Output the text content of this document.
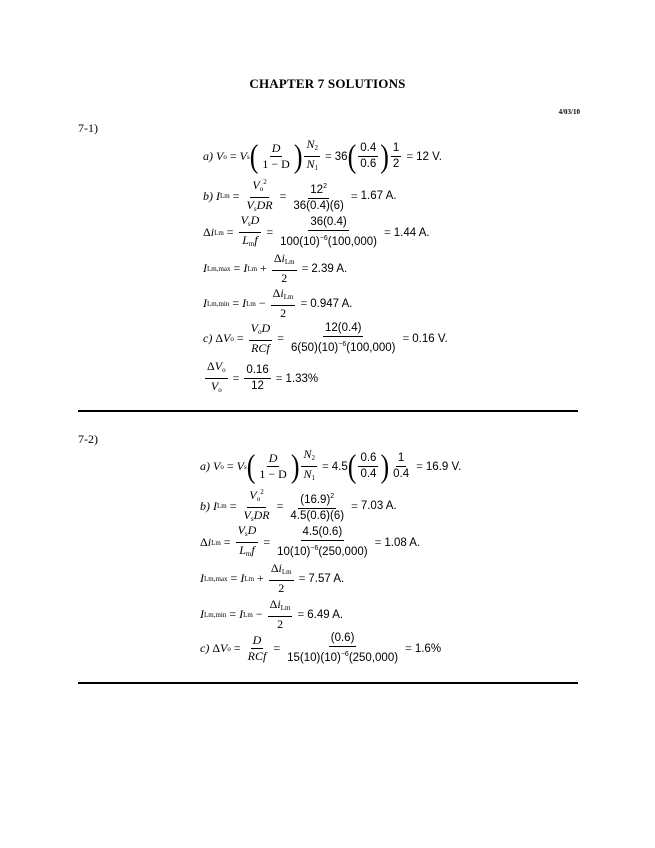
CHAPTER 7 SOLUTIONS
4/03/10
7-1)
a)
V o = V s ( $\frac{D}{1 - D}$ ) $\frac{N_2}{N_1} = 36$ ( $\frac{0.4}{0.6}$ ) $\frac{1}{2} = 12$ V.
b)
I $Lm = \frac{V_o^2}{V_sDR} = \frac{12^2}{36(0.4)(6)} = 1.67$ A.
Δ i $Lm = \frac{V_sD}{L_mf} = \frac{36(0.4)}{100(10)^{-6}(100,000)} = 1.44$ A.
I Lm,max = I $Lm + \frac{\Delta i_{Lm}}{2} = 2.39$ A.
I Lm,min = I $Lm - \frac{\Delta i_{Lm}}{2} = 0.947$ A.
c) Δ V $o = \frac{V_oD}{\text{RCf}} = \frac{12(0.4)}{6(50)(10)^{-6}(100,000)} = 0.16$ V.
$\frac{\Delta V_o}{V_o} = \frac{0.16}{12} = 1.33\%$
7-2)
a)
V o = V s ( $\frac{D}{1 - D}$ ) $\frac{N_2}{N_1} = 4.5$ ( $\frac{0.6}{0.4}$ ) $\frac{1}{0.4} = 16.9$ V.
b)
I $Lm = \frac{V_o^2}{V_sDR} = \frac{(16.9)^2}{4.5(0.6)(6)} = 7.03$ A.
Δ i $Lm = \frac{V_sD}{L_mf} = \frac{4.5(0.6)}{10(10)^{-6}(250,000)} = 1.08$ A.
I Lm,max = I $Lm + \frac{\Delta i_{Lm}}{2} = 7.57$ A.
I Lm,min = I $Lm - \frac{\Delta i_{Lm}}{2} = 6.49$ A.
c) Δ V $o = \frac{D}{\text{RCf}} = \frac{(0.6)}{15(10)(10)^{-6}(250,000)} = 1.6\%$
